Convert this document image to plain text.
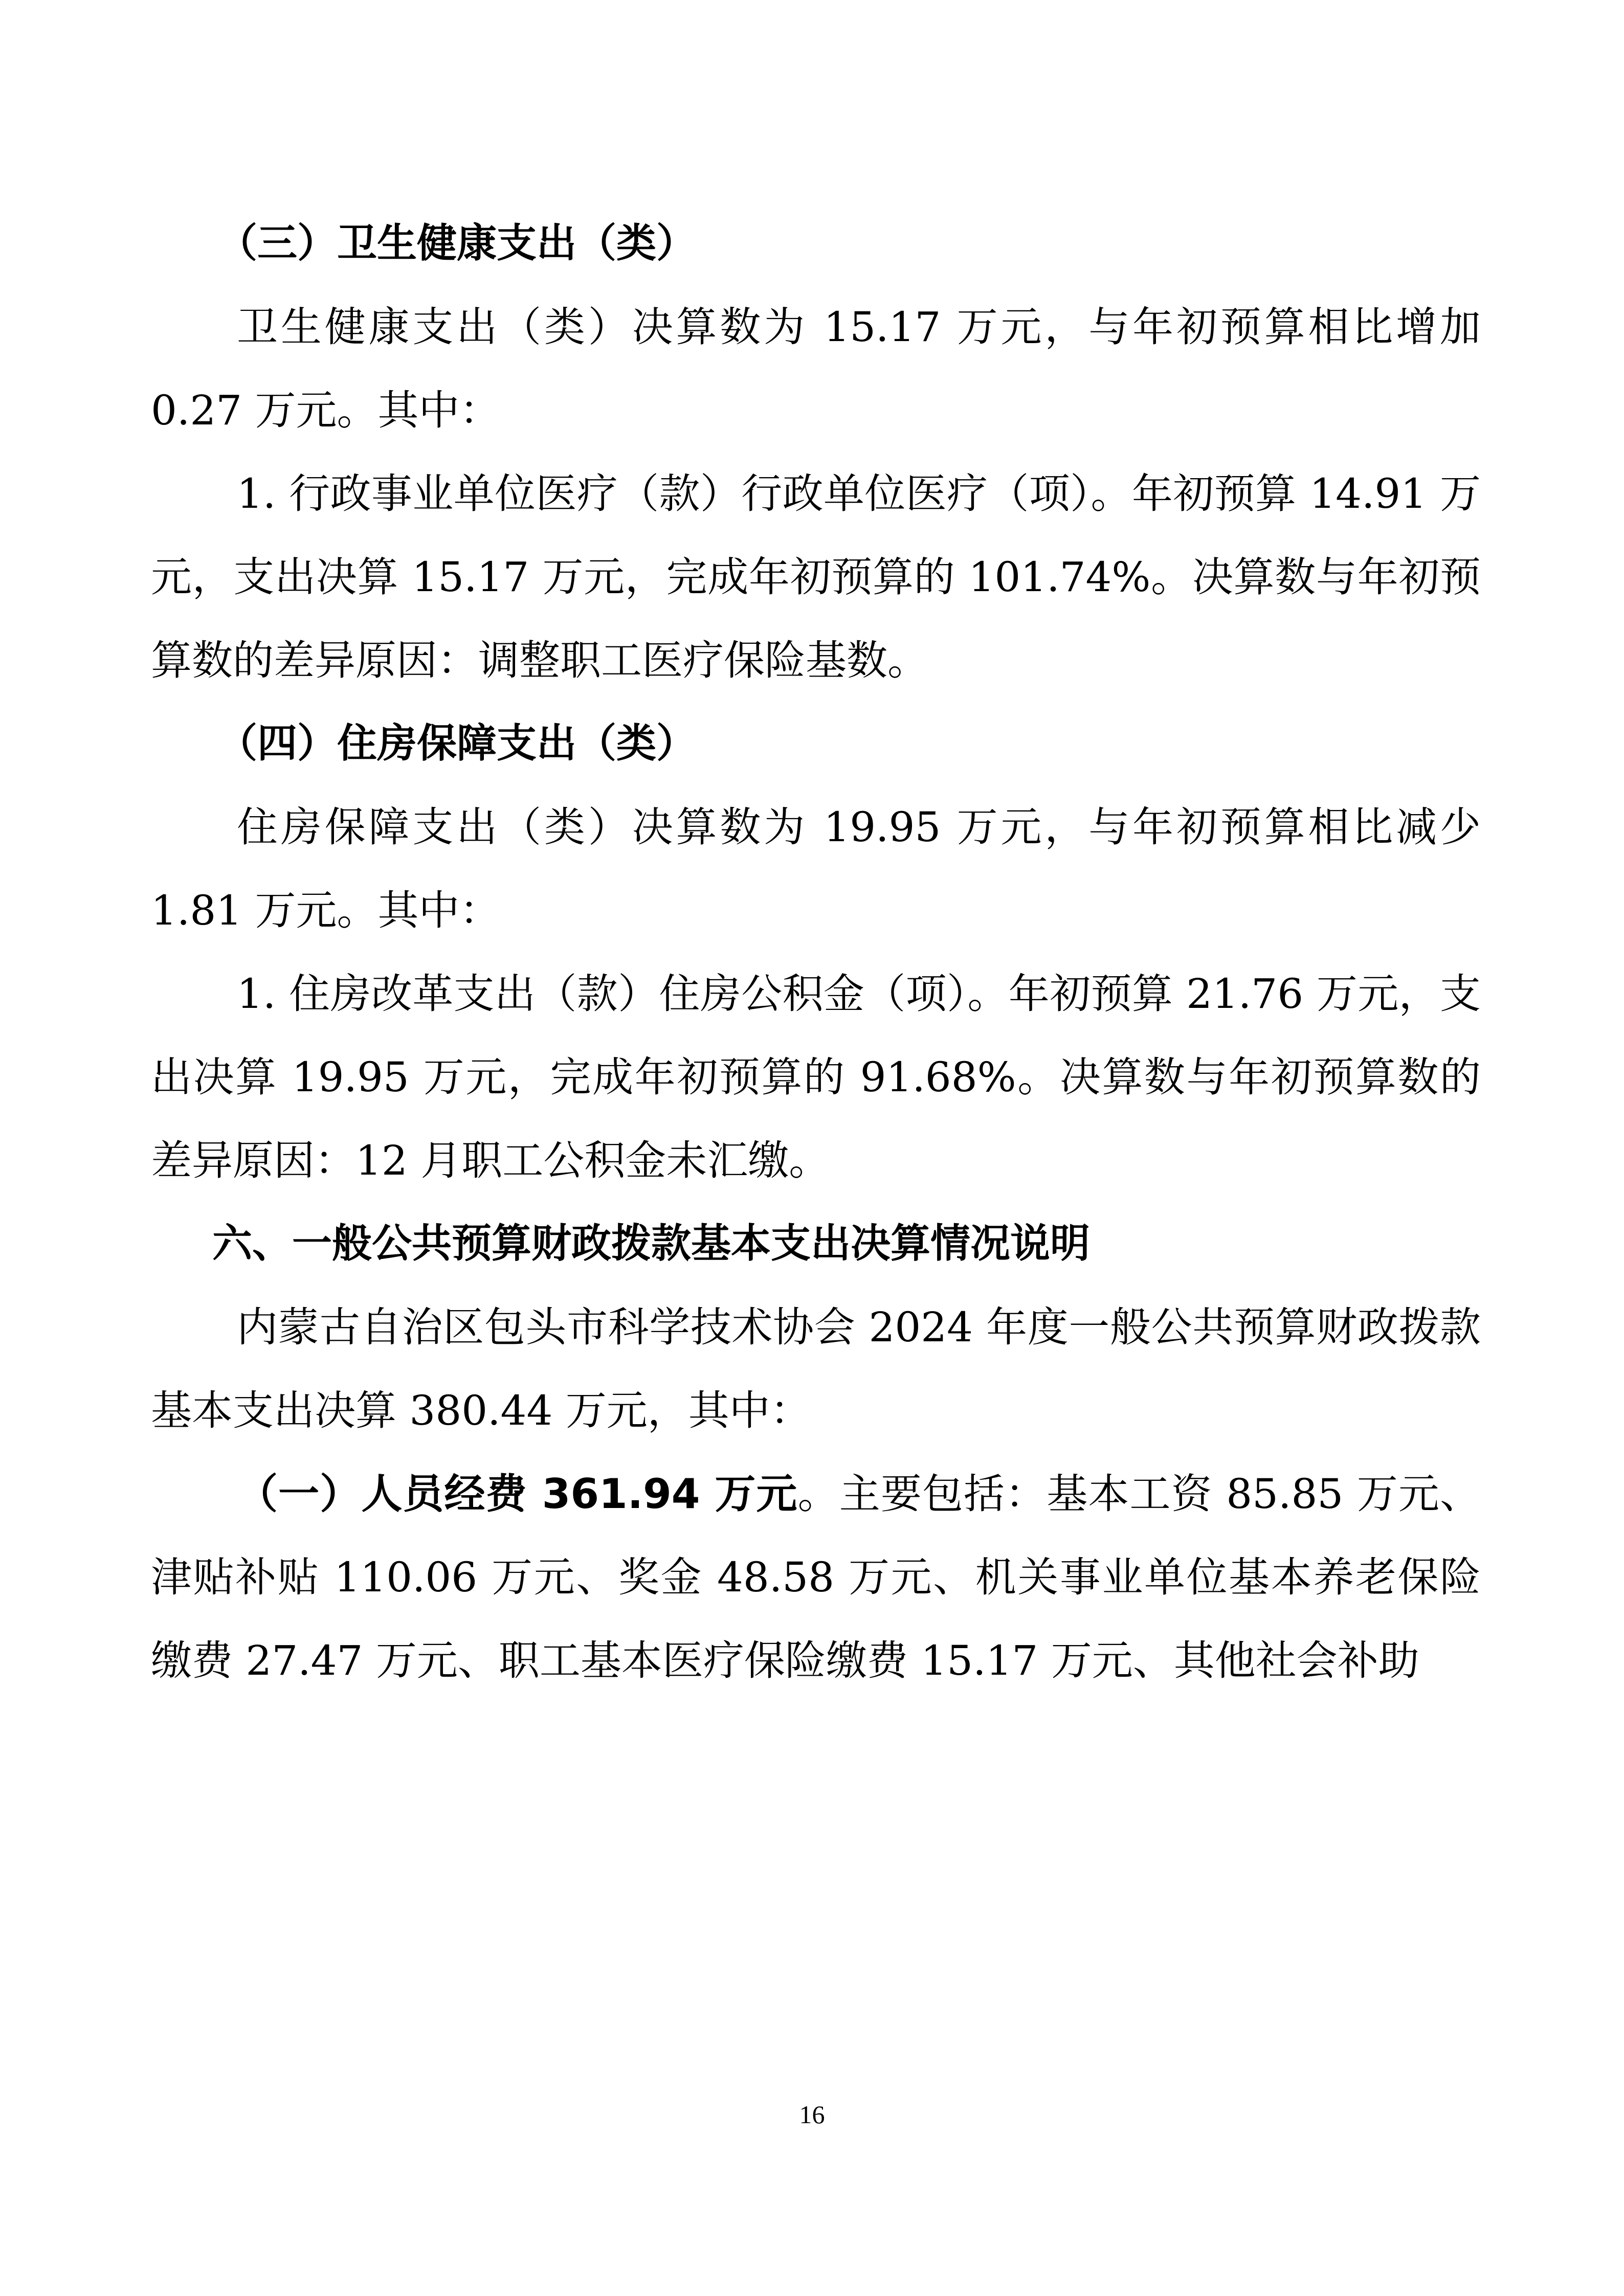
（三）卫生健康支出（类）

卫生健康支出（类）决算数为 15.17 万元，与年初预算相比增加 0.27 万元。其中：

1. 行政事业单位医疗（款）行政单位医疗（项）。年初预算 14.91 万元，支出决算 15.17 万元，完成年初预算的 101.74%。决算数与年初预算数的差异原因：调整职工医疗保险基数。

（四）住房保障支出（类）

住房保障支出（类）决算数为 19.95 万元，与年初预算相比减少 1.81 万元。其中：

1. 住房改革支出（款）住房公积金（项）。年初预算 21.76 万元，支出决算 19.95 万元，完成年初预算的 91.68%。决算数与年初预算数的差异原因：12 月职工公积金未汇缴。

六、一般公共预算财政拨款基本支出决算情况说明

内蒙古自治区包头市科学技术协会 2024 年度一般公共预算财政拨款基本支出决算 380.44 万元，其中：

（一）人员经费 361.94 万元。主要包括：基本工资 85.85 万元、津贴补贴 110.06 万元、奖金 48.58 万元、机关事业单位基本养老保险缴费 27.47 万元、职工基本医疗保险缴费 15.17 万元、其他社会补助

16
